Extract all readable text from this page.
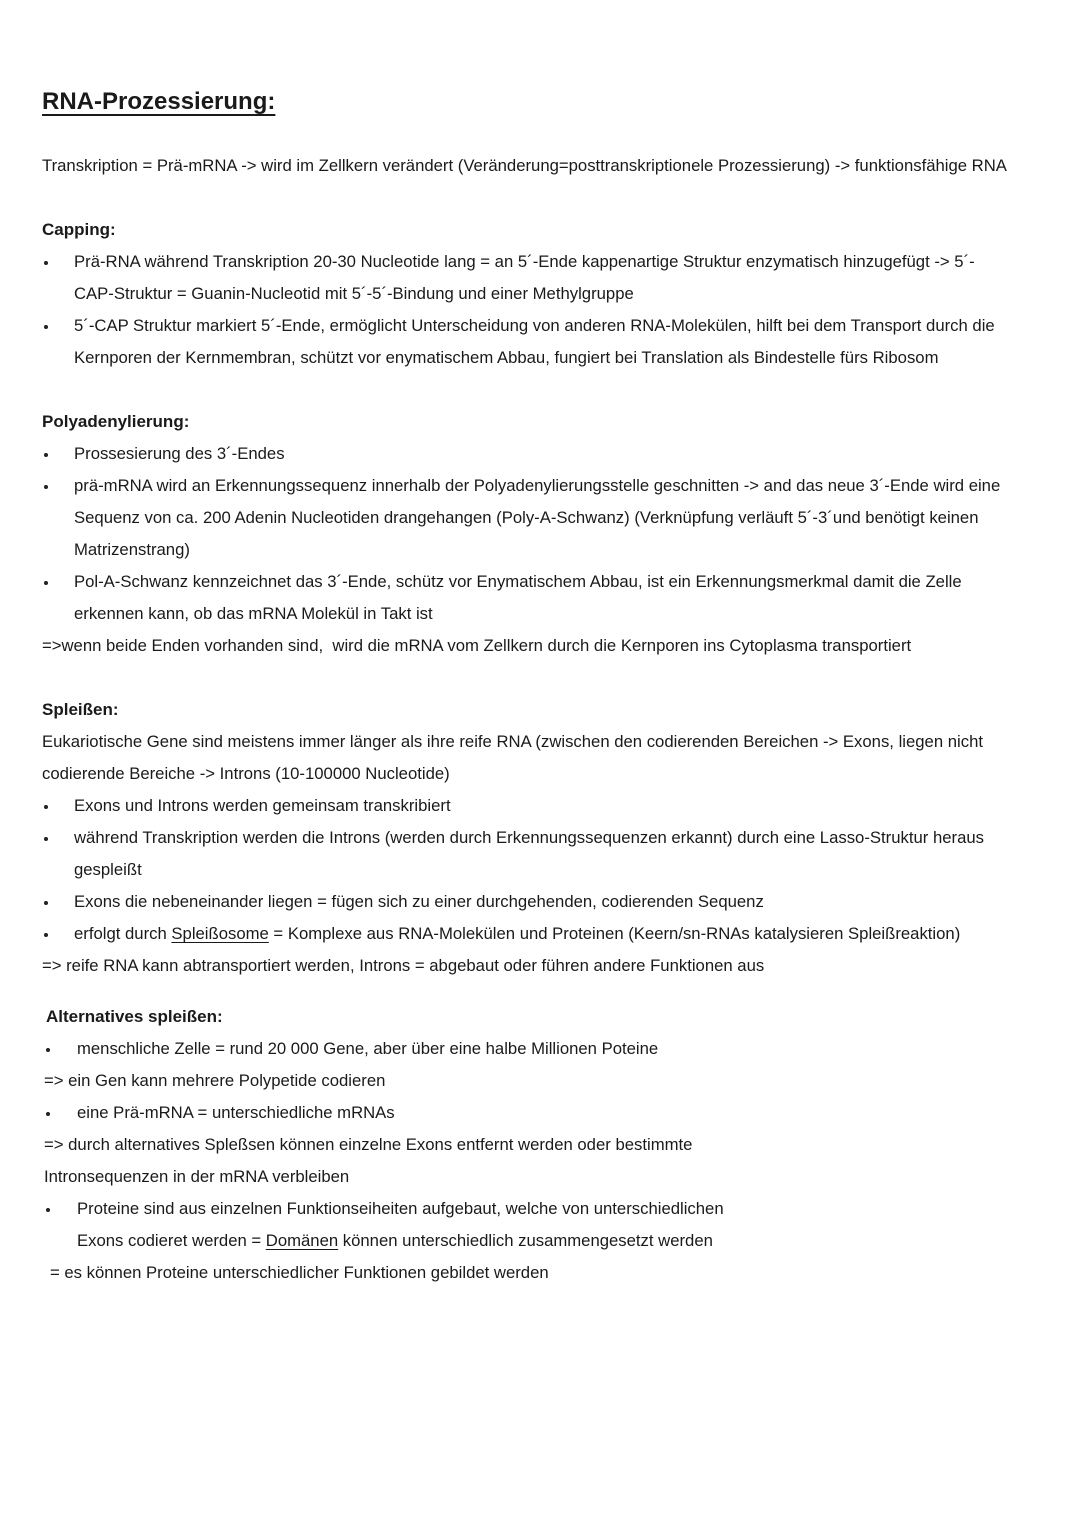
RNA-Prozessierung:
Transkription = Prä-mRNA -> wird im Zellkern verändert (Veränderung=posttranskriptionele Prozessierung) -> funktionsfähige RNA
Capping:
Prä-RNA während Transkription 20-30 Nucleotide lang = an 5´-Ende kappenartige Struktur enzymatisch hinzugefügt -> 5´-
CAP-Struktur = Guanin-Nucleotid mit 5´-5´-Bindung und einer Methylgruppe
5´-CAP Struktur markiert 5´-Ende, ermöglicht Unterscheidung von anderen RNA-Molekülen, hilft bei dem Transport durch die
Kernporen der Kernmembran, schützt vor enymatischem Abbau, fungiert bei Translation als Bindestelle fürs Ribosom
Polyadenylierung:
Prossesierung des 3´-Endes
prä-mRNA wird an Erkennungssequenz innerhalb der Polyadenylierungsstelle geschnitten -> and das neue 3´-Ende wird eine
Sequenz von ca. 200 Adenin Nucleotiden drangehangen (Poly-A-Schwanz) (Verknüpfung verläuft 5´-3´und benötigt keinen
Matrizenstrang)
Pol-A-Schwanz kennzeichnet das 3´-Ende, schütz vor Enymatischem Abbau, ist ein Erkennungsmerkmal damit die Zelle
erkennen kann, ob das mRNA Molekül in Takt ist
=>wenn beide Enden vorhanden sind,  wird die mRNA vom Zellkern durch die Kernporen ins Cytoplasma transportiert
Spleißen:
Eukariotische Gene sind meistens immer länger als ihre reife RNA (zwischen den codierenden Bereichen -> Exons, liegen nicht
codierende Bereiche -> Introns (10-100000 Nucleotide)
Exons und Introns werden gemeinsam transkribiert
während Transkription werden die Introns (werden durch Erkennungssequenzen erkannt) durch eine Lasso-Struktur heraus
gespleißt
Exons die nebeneinander liegen = fügen sich zu einer durchgehenden, codierenden Sequenz
erfolgt durch Spleißosome = Komplexe aus RNA-Molekülen und Proteinen (Keern/sn-RNAs katalysieren Spleißreaktion)
=> reife RNA kann abtransportiert werden, Introns = abgebaut oder führen andere Funktionen aus
Alternatives spleißen:
menschliche Zelle = rund 20 000 Gene, aber über eine halbe Millionen Poteine
=> ein Gen kann mehrere Polypetide codieren
eine Prä-mRNA = unterschiedliche mRNAs
=> durch alternatives Spleßsen können einzelne Exons entfernt werden oder bestimmte
Intronsequenzen in der mRNA verbleiben
Proteine sind aus einzelnen Funktionseiheiten aufgebaut, welche von unterschiedlichen
Exons codieret werden = Domänen können unterschiedlich zusammengesetzt werden
= es können Proteine unterschiedlicher Funktionen gebildet werden
